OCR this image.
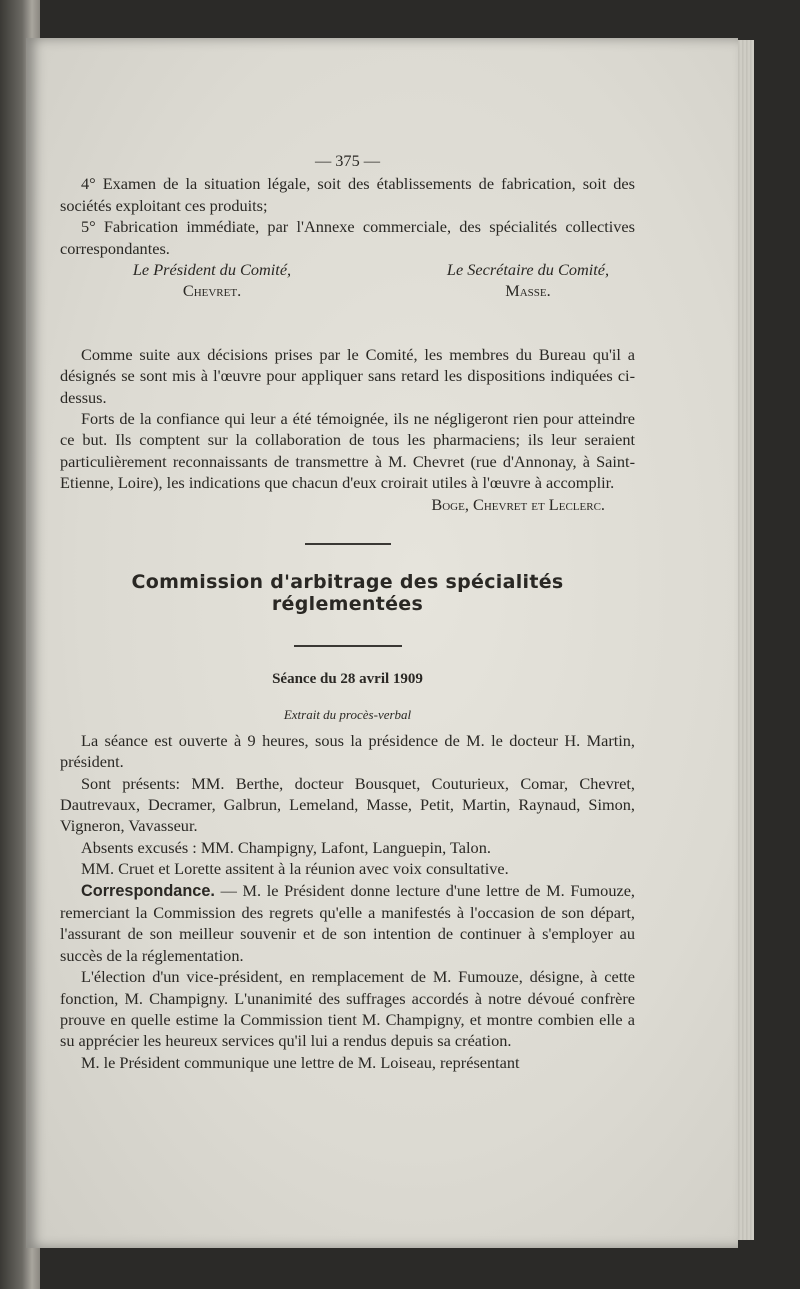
— 375 —

4° Examen de la situation légale, soit des établissements de fabrication, soit des sociétés exploitant ces produits;

5° Fabrication immédiate, par l'Annexe commerciale, des spécialités collectives correspondantes.

Le Président du Comité,
Chevret.
Le Secrétaire du Comité,
Masse.

Comme suite aux décisions prises par le Comité, les membres du Bureau qu'il a désignés se sont mis à l'œuvre pour appliquer sans retard les dispositions indiquées ci-dessus.

Forts de la confiance qui leur a été témoignée, ils ne négligeront rien pour atteindre ce but. Ils comptent sur la collaboration de tous les pharmaciens; ils leur seraient particulièrement reconnaissants de transmettre à M. Chevret (rue d'Annonay, à Saint-Etienne, Loire), les indications que chacun d'eux croirait utiles à l'œuvre à accomplir.

Boge, Chevret et Leclerc.
Commission d'arbitrage des spécialités réglementées
Séance du 28 avril 1909
Extrait du procès-verbal

La séance est ouverte à 9 heures, sous la présidence de M. le docteur H. Martin, président.

Sont présents: MM. Berthe, docteur Bousquet, Couturieux, Comar, Chevret, Dautrevaux, Decramer, Galbrun, Lemeland, Masse, Petit, Martin, Raynaud, Simon, Vigneron, Vavasseur.

Absents excusés : MM. Champigny, Lafont, Languepin, Talon.

MM. Cruet et Lorette assitent à la réunion avec voix consultative.

Correspondance. — M. le Président donne lecture d'une lettre de M. Fumouze, remerciant la Commission des regrets qu'elle a manifestés à l'occasion de son départ, l'assurant de son meilleur souvenir et de son intention de continuer à s'employer au succès de la réglementation.

L'élection d'un vice-président, en remplacement de M. Fumouze, désigne, à cette fonction, M. Champigny. L'unanimité des suffrages accordés à notre dévoué confrère prouve en quelle estime la Commission tient M. Champigny, et montre combien elle a su apprécier les heureux services qu'il lui a rendus depuis sa création.

M. le Président communique une lettre de M. Loiseau, représentant
